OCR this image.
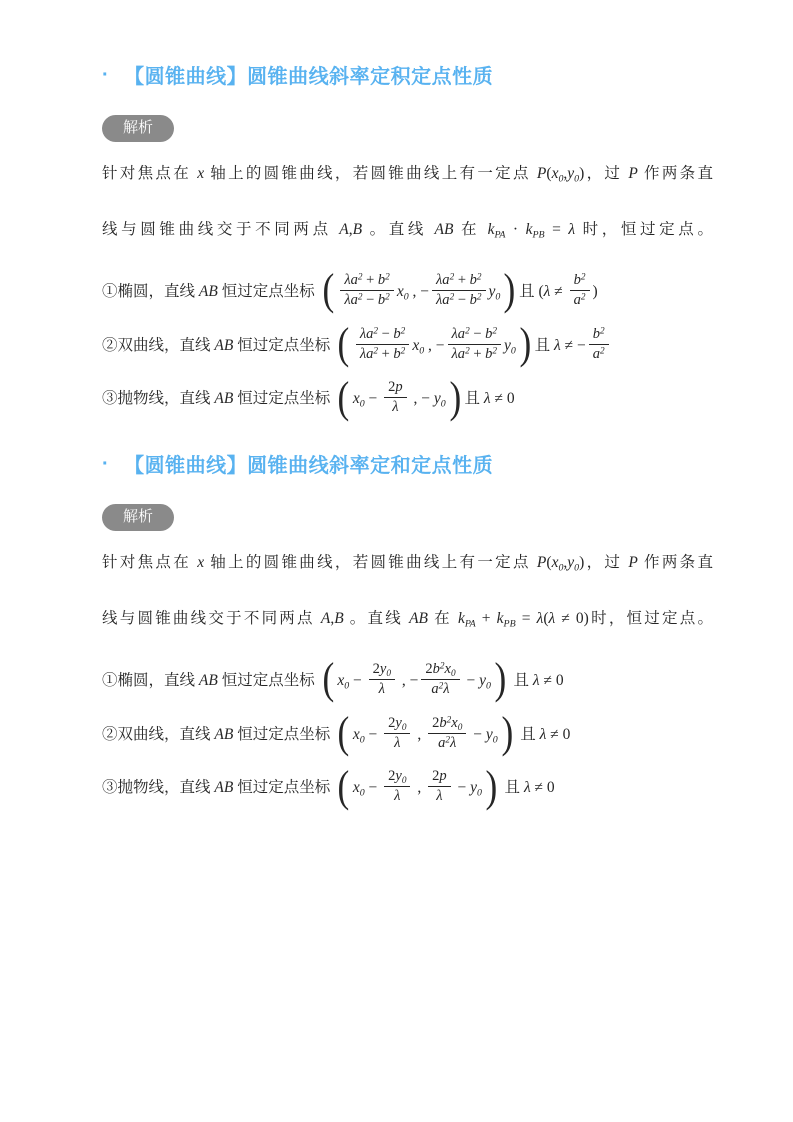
· 【圆锥曲线】圆锥曲线斜率定积定点性质
解析
针对焦点在 x 轴上的圆锥曲线，若圆锥曲线上有一定点 $P(x_0,y_0)$，过 P 作两条直
线与圆锥曲线交于不同两点 A,B 。直线 AB 在 $k_{PA} \cdot k_{PB} = \lambda$ 时，恒过定点。
①椭圆，直线 AB 恒过定点坐标 ( $\frac{\lambda a^2 + b^2}{\lambda a^2 - b^2} x_0$ , − $\frac{\lambda a^2 + b^2}{\lambda a^2 - b^2} y_0$) 且 ($\lambda \ne \frac{b^2}{a^2}$ )
②双曲线，直线 AB 恒过定点坐标 ( $\frac{\lambda a^2 - b^2}{\lambda a^2 + b^2} x_0$ , − $\frac{\lambda a^2 - b^2}{\lambda a^2 + b^2} y_0$) 且 λ ≠ − $\frac{b^2}{a^2}$
③抛物线，直线 AB 恒过定点坐标 ( $x_0 - \frac{2p}{\lambda}$ , − $y_0$) 且 λ ≠ 0
· 【圆锥曲线】圆锥曲线斜率定和定点性质
解析
针对焦点在 x 轴上的圆锥曲线，若圆锥曲线上有一定点 $P(x_0,y_0)$，过 P 作两条直
线与圆锥曲线交于不同两点 A,B 。直线 AB 在 $k_{PA} + k_{PB} = \lambda(\lambda \ne 0)$时，恒过定点。
①椭圆，直线 AB 恒过定点坐标 ( $x_0 - \frac{2y_0}{\lambda}$ , − $\frac{2b^2x_0}{a^2\lambda} - y_0$) 且 λ ≠ 0
②双曲线，直线 AB 恒过定点坐标 ( $x_0 - \frac{2y_0}{\lambda}$ , $\frac{2b^2x_0}{a^2\lambda} - y_0$) 且 λ ≠ 0
③抛物线，直线 AB 恒过定点坐标 ( $x_0 - \frac{2y_0}{\lambda}$ , $\frac{2p}{\lambda} - y_0$) 且 λ ≠ 0
